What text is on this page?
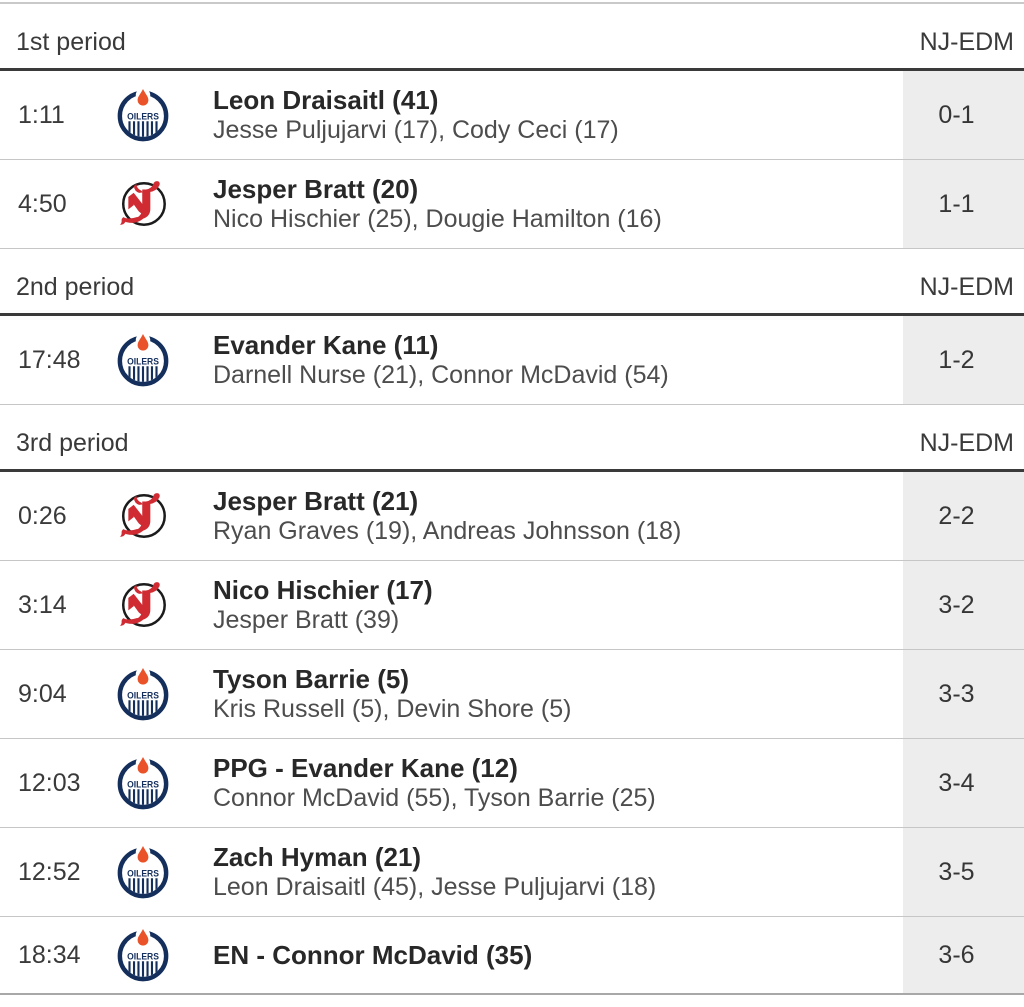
1st period	NJ-EDM
1:11	Leon Draisaitl (41)
Jesse Puljujarvi (17), Cody Ceci (17)
0-1
4:50	Jesper Bratt (20)
Nico Hischier (25), Dougie Hamilton (16)
1-1
2nd period	NJ-EDM
17:48	Evander Kane (11)
Darnell Nurse (21), Connor McDavid (54)
1-2
3rd period	NJ-EDM
0:26	Jesper Bratt (21)
Ryan Graves (19), Andreas Johnsson (18)
2-2
3:14	Nico Hischier (17)
Jesper Bratt (39)
3-2
9:04	Tyson Barrie (5)
Kris Russell (5), Devin Shore (5)
3-3
12:03	PPG - Evander Kane (12)
Connor McDavid (55), Tyson Barrie (25)
3-4
12:52	Zach Hyman (21)
Leon Draisaitl (45), Jesse Puljujarvi (18)
3-5
18:34	EN - Connor McDavid (35)	3-6
